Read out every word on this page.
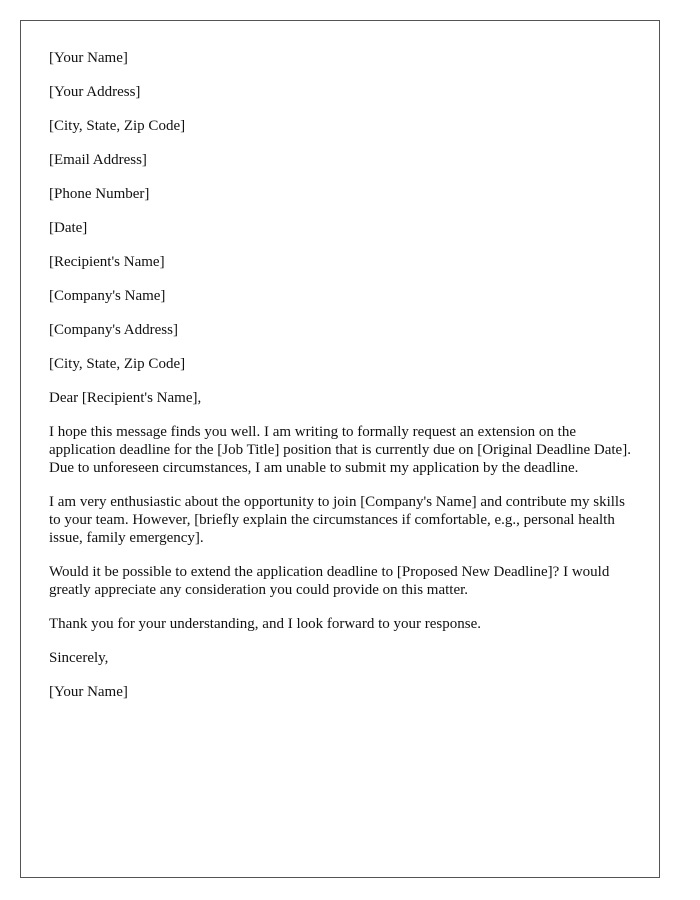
[Your Name]

[Your Address]

[City, State, Zip Code]

[Email Address]

[Phone Number]

[Date]

[Recipient's Name]

[Company's Name]

[Company's Address]

[City, State, Zip Code]

Dear [Recipient's Name],

I hope this message finds you well. I am writing to formally request an extension on the application deadline for the [Job Title] position that is currently due on [Original Deadline Date]. Due to unforeseen circumstances, I am unable to submit my application by the deadline.

I am very enthusiastic about the opportunity to join [Company's Name] and contribute my skills to your team. However, [briefly explain the circumstances if comfortable, e.g., personal health issue, family emergency].

Would it be possible to extend the application deadline to [Proposed New Deadline]? I would greatly appreciate any consideration you could provide on this matter.

Thank you for your understanding, and I look forward to your response.

Sincerely,

[Your Name]
